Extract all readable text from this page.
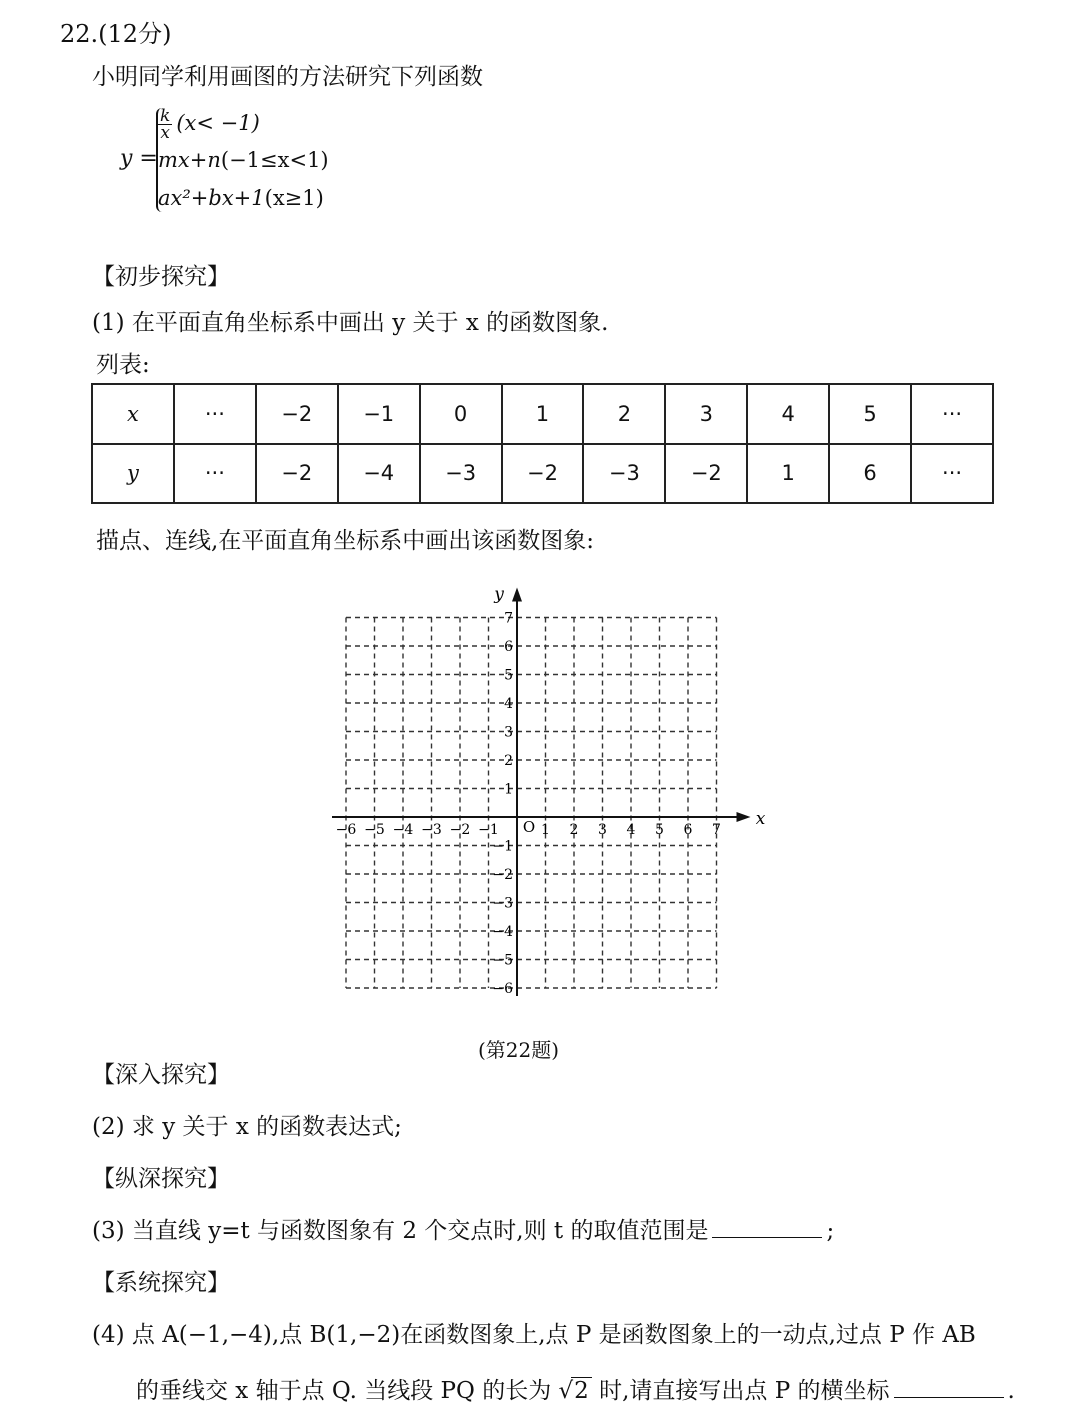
22.(12分)
小明同学利用画图的方法研究下列函数
y =
$\frac{k}{x} (x< -1)$
mx+n(−1≤x<1)
ax²+bx+1(x≥1)
【初步探究】
(1) 在平面直角坐标系中画出 y 关于 x 的函数图象.
列表:
x	···	−2	−1	0	1	2	3	4	5	···
y	···	−2	−4	−3	−2	−3	−2	1	6	···
描点、连线,在平面直角坐标系中画出该函数图象:
x
y
O
−6 −5 −4 −3 −2 −1	1 2 3 4 5 6 7
7
6
5
4
3
2
1
−1
−2
−3
−4
−5
−6
(第22题)
【深入探究】
(2) 求 y 关于 x 的函数表达式;
【纵深探究】
(3) 当直线 y=t 与函数图象有 2 个交点时,则 t 的取值范围是	;
【系统探究】
(4) 点 A(−1,−4),点 B(1,−2)在函数图象上,点 P 是函数图象上的一动点,过点 P 作 AB
的垂线交 x 轴于点 Q. 当线段 PQ 的长为 √2 时,请直接写出点 P 的横坐标	.
